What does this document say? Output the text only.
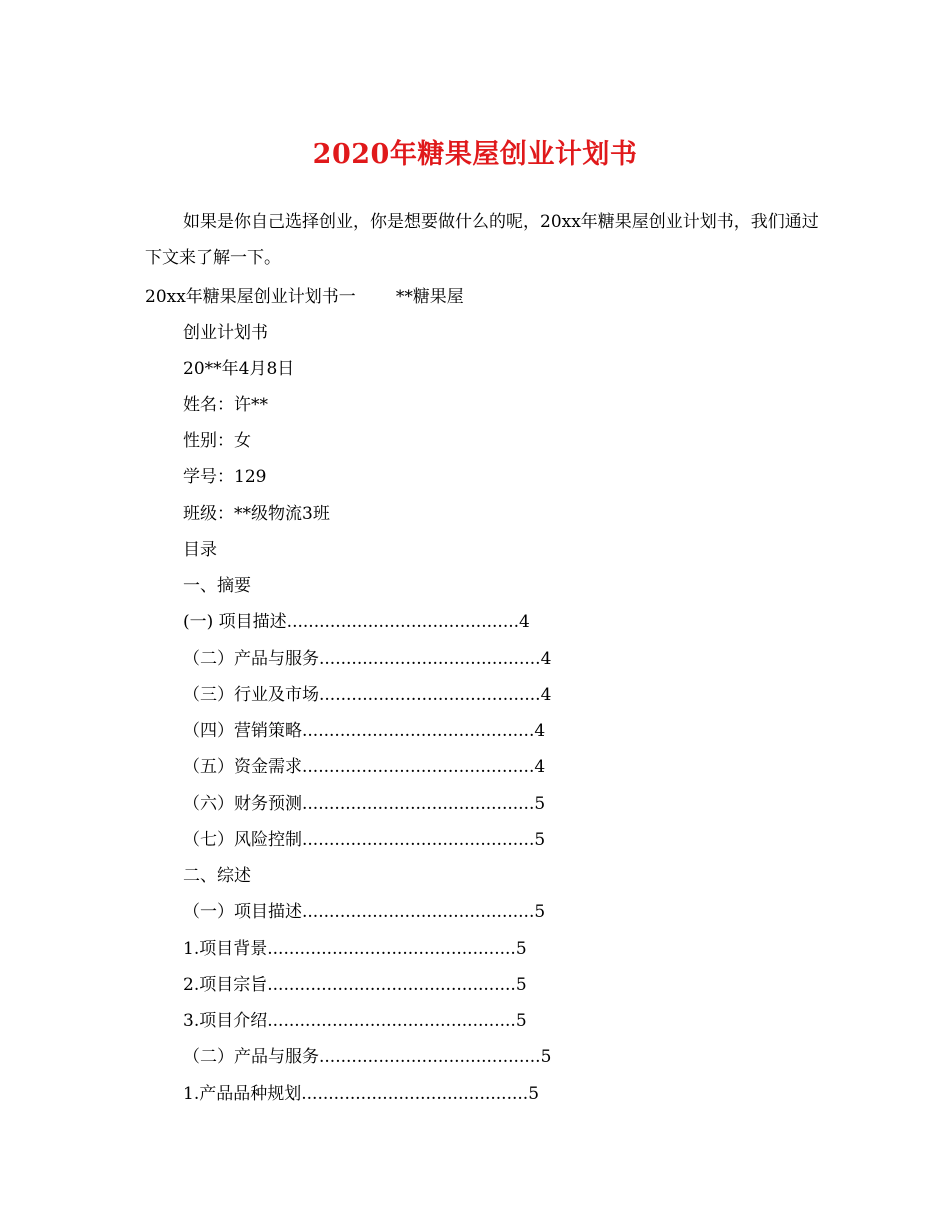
2020年糖果屋创业计划书
如果是你自己选择创业，你是想要做什么的呢，20xx年糖果屋创业计划书，我们通过下文来了解一下。
20xx年糖果屋创业计划书一 **糖果屋
创业计划书
20**年4月8日
姓名：许**
性别：女
学号：129
班级：**级物流3班
目录
一、摘要
(一) 项目描述...........................................4
（二）产品与服务.........................................4
（三）行业及市场.........................................4
（四）营销策略...........................................4
（五）资金需求...........................................4
（六）财务预测...........................................5
（七）风险控制...........................................5
二、综述
（一）项目描述...........................................5
1.项目背景..............................................5
2.项目宗旨..............................................5
3.项目介绍..............................................5
（二）产品与服务.........................................5
1.产品品种规划..........................................5
